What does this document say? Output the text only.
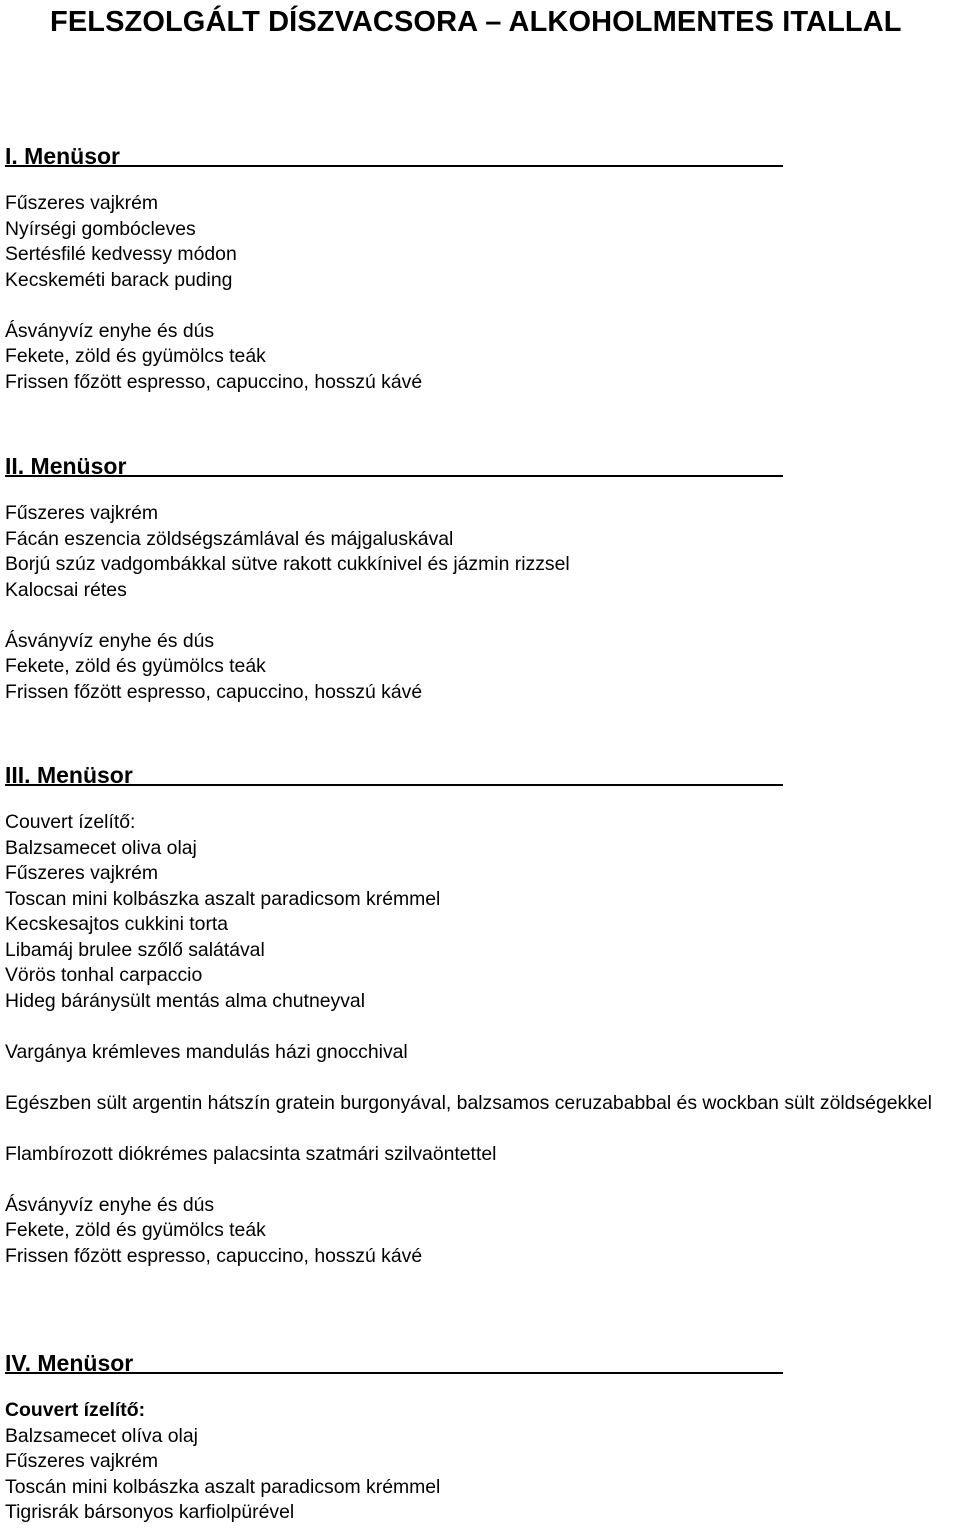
FELSZOLGÁLT DÍSZVACSORA – ALKOHOLMENTES ITALLAL
I. Menüsor
Fűszeres vajkrém
Nyírségi gombócleves
Sertésfilé kedvessy módon
Kecskeméti barack puding
Ásványvíz enyhe és dús
Fekete, zöld és gyümölcs teák
Frissen főzött espresso, capuccino, hosszú kávé
II. Menüsor
Fűszeres vajkrém
Fácán eszencia zöldségszámlával és májgaluskával
Borjú szúz vadgombákkal sütve rakott cukkínivel és jázmin rizzsel
Kalocsai rétes
Ásványvíz enyhe és dús
Fekete, zöld és gyümölcs teák
Frissen főzött espresso, capuccino, hosszú kávé
III. Menüsor
Couvert ízelítő:
Balzsamecet oliva olaj
Fűszeres vajkrém
Toscan mini kolbászka aszalt paradicsom krémmel
Kecskesajtos cukkini torta
Libamáj brulee szőlő salátával
Vörös tonhal carpaccio
Hideg báránysült mentás alma chutneyval
Vargánya krémleves mandulás házi gnocchival
Egészben sült argentin hátszín gratein burgonyával, balzsamos ceruzababbal és wockban sült zöldségekkel
Flambírozott diókrémes palacsinta szatmári szilvaöntettel
Ásványvíz enyhe és dús
Fekete, zöld és gyümölcs teák
Frissen főzött espresso, capuccino, hosszú kávé
IV. Menüsor
Couvert ízelítő:
Balzsamecet olíva olaj
Fűszeres vajkrém
Toscán mini kolbászka aszalt paradicsom krémmel
Tigrisrák bársonyos karfiolpürével
